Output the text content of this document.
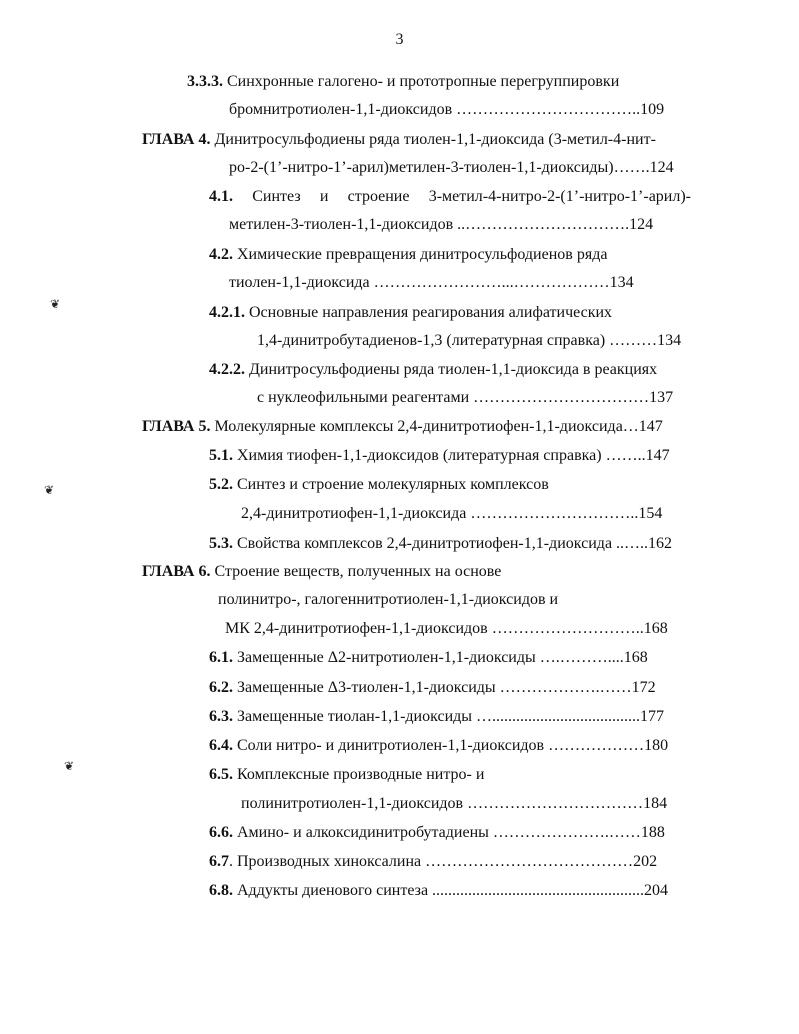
3
❦
❦
❦
3.3.3. Синхронные галогено- и прототропные перегруппировки
бромнитротиолен-1,1-диоксидов ……………………………..109
ГЛАВА 4. Динитросульфодиены ряда тиолен-1,1-диоксида (3-метил-4-нит-
ро-2-(1’-нитро-1’-арил)метилен-3-тиолен-1,1-диоксиды)…….124
4.1. Синтез и строение 3-метил-4-нитро-2-(1’-нитро-1’-арил)-
метилен-3-тиолен-1,1-диоксидов ..………………………….124
4.2. Химические превращения динитросульфодиенов ряда
тиолен-1,1-диоксида ……………………...………………134
4.2.1. Основные направления реагирования алифатических
1,4-динитробутадиенов-1,3 (литературная справка) ………134
4.2.2. Динитросульфодиены ряда тиолен-1,1-диоксида в реакциях
с нуклеофильными реагентами ……………………………137
ГЛАВА 5. Молекулярные комплексы 2,4-динитротиофен-1,1-диоксида…147
5.1. Химия тиофен-1,1-диоксидов (литературная справка) ……..147
5.2. Синтез и строение молекулярных комплексов
2,4-динитротиофен-1,1-диоксида …………………………..154
5.3. Свойства комплексов 2,4-динитротиофен-1,1-диоксида ..…..162
ГЛАВА 6. Строение веществ, полученных на основе
полинитро-, галогеннитротиолен-1,1-диоксидов и
МК 2,4-динитротиофен-1,1-диоксидов ………………………..168
6.1. Замещенные Δ2-нитротиолен-1,1-диоксиды ….………....168
6.2. Замещенные Δ3-тиолен-1,1-диоксиды ……………….……172
6.3. Замещенные тиолан-1,1-диоксиды ….....................................177
6.4. Соли нитро- и динитротиолен-1,1-диоксидов ………………180
6.5. Комплексные производные нитро- и
полинитротиолен-1,1-диоксидов ……………………………184
6.6. Амино- и алкоксидинитробутадиены ………………….……188
6.7. Производных хиноксалина …………………………………202
6.8. Аддукты диенового синтеза .....................................................204
